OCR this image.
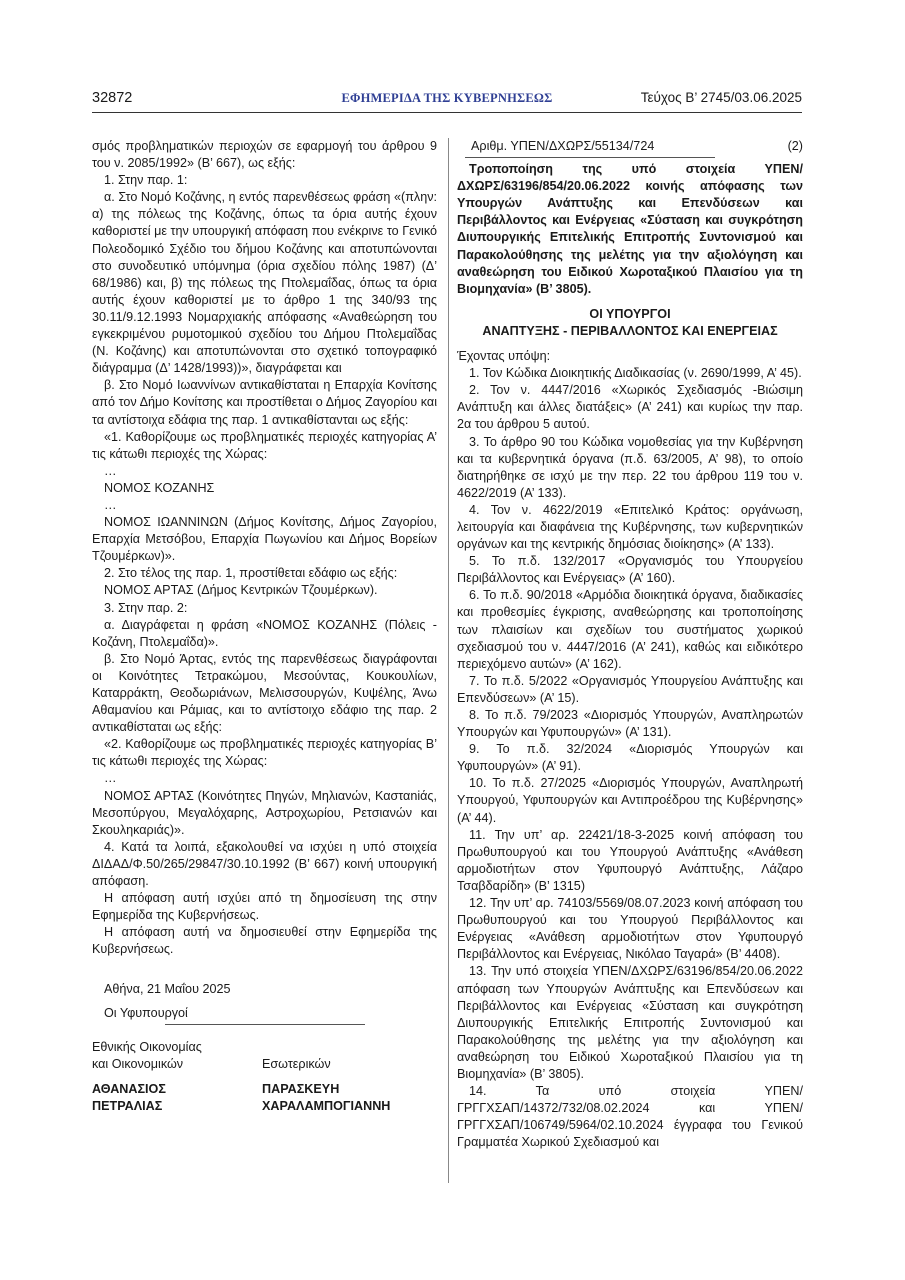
32872	ΕΦΗΜΕΡΙΔΑ ΤΗΣ ΚΥΒΕΡΝΗΣΕΩΣ	Τεύχος Β’ 2745/03.06.2025

σμός προβληματικών περιοχών σε εφαρμογή του άρθρου 9 του ν. 2085/1992» (Β’ 667), ως εξής:

1. Στην παρ. 1:

α. Στο Νομό Κοζάνης, η εντός παρενθέσεως φράση «(πλην: α) της πόλεως της Κοζάνης, όπως τα όρια αυτής έχουν καθοριστεί με την υπουργική απόφαση που ενέκρινε το Γενικό Πολεοδομικό Σχέδιο του δήμου Κοζάνης και αποτυπώνονται στο συνοδευτικό υπόμνημα (όρια σχεδίου πόλης 1987) (Δ’ 68/1986) και, β) της πόλεως της Πτολεμαΐδας, όπως τα όρια αυτής έχουν καθοριστεί με το άρθρο 1 της 340/93 της 30.11/9.12.1993 Νομαρχιακής απόφασης «Αναθεώρηση του εγκεκριμένου ρυμοτομικού σχεδίου του Δήμου Πτολεμαΐδας (Ν. Κοζάνης) και αποτυπώνονται στο σχετικό τοπογραφικό διάγραμμα (Δ’ 1428/1993))», διαγράφεται και

β. Στο Νομό Ιωαννίνων αντικαθίσταται η Επαρχία Κονίτσης από τον Δήμο Κονίτσης και προστίθεται ο Δήμος Ζαγορίου και τα αντίστοιχα εδάφια της παρ. 1 αντικαθίστανται ως εξής:

«1. Καθορίζουμε ως προβληματικές περιοχές κατηγορίας Α’ τις κάτωθι περιοχές της Χώρας:

…

ΝΟΜΟΣ ΚΟΖΑΝΗΣ

…

ΝΟΜΟΣ ΙΩΑΝΝΙΝΩΝ (Δήμος Κονίτσης, Δήμος Ζαγορίου, Επαρχία Μετσόβου, Επαρχία Πωγωνίου και Δήμος Βορείων Τζουμέρκων)».

2. Στο τέλος της παρ. 1, προστίθεται εδάφιο ως εξής:

ΝΟΜΟΣ ΑΡΤΑΣ (Δήμος Κεντρικών Τζουμέρκων).

3. Στην παρ. 2:

α. Διαγράφεται η φράση «ΝΟΜΟΣ ΚΟΖΑΝΗΣ (Πόλεις - Κοζάνη, Πτολεμαΐδα)».

β. Στο Νομό Άρτας, εντός της παρενθέσεως διαγράφονται οι Κοινότητες Τετρακώμου, Μεσούντας, Κουκουλίων, Καταρράκτη, Θεοδωριάνων, Μελισσουργών, Κυψέλης, Άνω Αθαμανίου και Ράμιας, και το αντίστοιχο εδάφιο της παρ. 2 αντικαθίσταται ως εξής:

«2. Καθορίζουμε ως προβληματικές περιοχές κατηγορίας Β’ τις κάτωθι περιοχές της Χώρας:

…

ΝΟΜΟΣ ΑΡΤΑΣ (Κοινότητες Πηγών, Μηλιανών, Κασταniάς, Μεσοπύργου, Μεγαλόχαρης, Αστροχωρίου, Ρετσιανών και Σκουληκαριάς)».

4. Κατά τα λοιπά, εξακολουθεί να ισχύει η υπό στοιχεία ΔΙΔΑΔ/Φ.50/265/29847/30.10.1992 (Β’ 667) κοινή υπουργική απόφαση.

Η απόφαση αυτή ισχύει από τη δημοσίευση της στην Εφημερίδα της Κυβερνήσεως.

Η απόφαση αυτή να δημοσιευθεί στην Εφημερίδα της Κυβερνήσεως.

Αθήνα, 21 Μαΐου 2025

Οι Υφυπουργοί

Εθνικής Οικονομίας
και Οικονομικών
ΑΘΑΝΑΣΙΟΣ
ΠΕΤΡΑΛΙΑΣ
Εσωτερικών
ΠΑΡΑΣΚΕΥΗ
ΧΑΡΑΛΑΜΠΟΓΙΑΝΝΗ
Αριθμ. ΥΠΕΝ/ΔΧΩΡΣ/55134/724	(2)

Τροποποίηση της υπό στοιχεία ΥΠΕΝ/ΔΧΩΡΣ/63196/854/20.06.2022 κοινής απόφασης των Υπουργών Ανάπτυξης και Επενδύσεων και Περιβάλλοντος και Ενέργειας «Σύσταση και συγκρότηση Διυπουργικής Επιτελικής Επιτροπής Συντονισμού και Παρακολούθησης της μελέτης για την αξιολόγηση και αναθεώρηση του Ειδικού Χωροταξικού Πλαισίου για τη Βιομηχανία» (Β’ 3805).

ΟΙ ΥΠΟΥΡΓΟΙ
ΑΝΑΠΤΥΞΗΣ - ΠΕΡΙΒΑΛΛΟΝΤΟΣ ΚΑΙ ΕΝΕΡΓΕΙΑΣ

Έχοντας υπόψη:

1. Τον Κώδικα Διοικητικής Διαδικασίας (ν. 2690/1999, Α’ 45).

2. Τον ν. 4447/2016 «Χωρικός Σχεδιασμός -Βιώσιμη Ανάπτυξη και άλλες διατάξεις» (Α’ 241) και κυρίως την παρ. 2α του άρθρου 5 αυτού.

3. Το άρθρο 90 του Κώδικα νομοθεσίας για την Κυβέρνηση και τα κυβερνητικά όργανα (π.δ. 63/2005, Α’ 98), το οποίο διατηρήθηκε σε ισχύ με την περ. 22 του άρθρου 119 του ν. 4622/2019 (Α’ 133).

4. Τον ν. 4622/2019 «Επιτελικό Κράτος: οργάνωση, λειτουργία και διαφάνεια της Κυβέρνησης, των κυβερνητικών οργάνων και της κεντρικής δημόσιας διοίκησης» (Α’ 133).

5. Το π.δ. 132/2017 «Οργανισμός του Υπουργείου Περιβάλλοντος και Ενέργειας» (Α’ 160).

6. Το π.δ. 90/2018 «Αρμόδια διοικητικά όργανα, διαδικασίες και προθεσμίες έγκρισης, αναθεώρησης και τροποποίησης των πλαισίων και σχεδίων του συστήματος χωρικού σχεδιασμού του ν. 4447/2016 (Α’ 241), καθώς και ειδικότερο περιεχόμενο αυτών» (Α’ 162).

7. Το π.δ. 5/2022 «Οργανισμός Υπουργείου Ανάπτυξης και Επενδύσεων» (Α’ 15).

8. Το π.δ. 79/2023 «Διορισμός Υπουργών, Αναπληρωτών Υπουργών και Υφυπουργών» (Α’ 131).

9. Το π.δ. 32/2024 «Διορισμός Υπουργών και Υφυπουργών» (Α’ 91).

10. Το π.δ. 27/2025 «Διορισμός Υπουργών, Αναπληρωτή Υπουργού, Υφυπουργών και Αντιπροέδρου της Κυβέρνησης» (Α’ 44).

11. Την υπ’ αρ. 22421/18-3-2025 κοινή απόφαση του Πρωθυπουργού και του Υπουργού Ανάπτυξης «Ανάθεση αρμοδιοτήτων στον Υφυπουργό Ανάπτυξης, Λάζαρο Τσαβδαρίδη» (Β’ 1315)

12. Την υπ’ αρ. 74103/5569/08.07.2023 κοινή απόφαση του Πρωθυπουργού και του Υπουργού Περιβάλλοντος και Ενέργειας «Ανάθεση αρμοδιοτήτων στον Υφυπουργό Περιβάλλοντος και Ενέργειας, Νικόλαο Ταγαρά» (Β’ 4408).

13. Την υπό στοιχεία ΥΠΕΝ/ΔΧΩΡΣ/63196/854/20.06.2022 απόφαση των Υπουργών Ανάπτυξης και Επενδύσεων και Περιβάλλοντος και Ενέργειας «Σύσταση και συγκρότηση Διυπουργικής Επιτελικής Επιτροπής Συντονισμού και Παρακολούθησης της μελέτης για την αξιολόγηση και αναθεώρηση του Ειδικού Χωροταξικού Πλαισίου για τη Βιομηχανία» (Β’ 3805).

14. Τα υπό στοιχεία ΥΠΕΝ/ΓΡΓΓΧΣΑΠ/14372/732/08.02.2024 και ΥΠΕΝ/ΓΡΓΓΧΣΑΠ/106749/5964/02.10.2024 έγγραφα του Γενικού Γραμματέα Χωρικού Σχεδιασμού και
